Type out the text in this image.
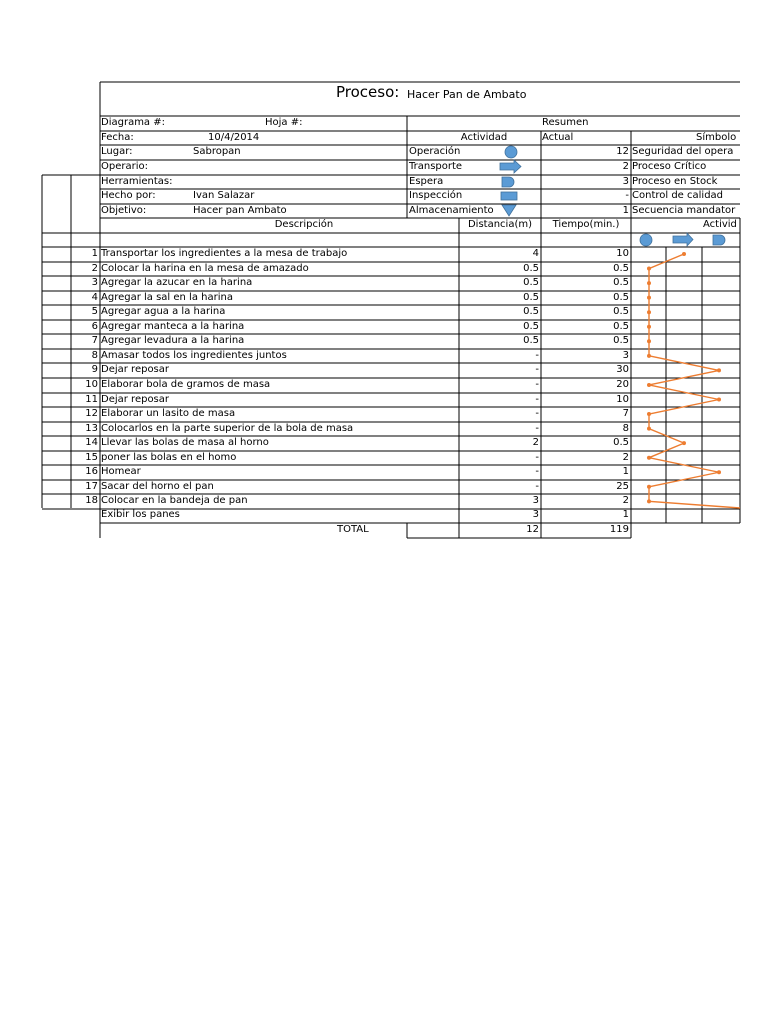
Proceso: Hacer Pan de Ambato
Diagrama #:	Hoja #:
Fecha:	10/4/2014
Lugar:	Sabropan
Operario:
Herramientas:
Hecho por:	Ivan Salazar
Objetivo:	Hacer pan Ambato
Resumen
Actividad	Actual	Símbolo
Operación	12 Seguridad del opera
Transporte	2 Proceso Crítico
Espera	3 Proceso en Stock
Inspección	- Control de calidad
Almacenamiento	1 Secuencia mandator
Descripción	Distancia(m)	Tiempo(min.)	Activid
1 Transportar los ingredientes a la mesa de trabajo	4	10
2 Colocar la harina en la mesa de amazado	0.5	0.5
3 Agregar la azucar en la harina	0.5	0.5
4 Agregar la sal en la harina	0.5	0.5
5 Agregar agua a la harina	0.5	0.5
6 Agregar manteca a la harina	0.5	0.5
7 Agregar levadura a la harina	0.5	0.5
8 Amasar todos los ingredientes juntos	-	3
9 Dejar reposar	-	30
10 Elaborar bola de gramos de masa	-	20
11 Dejar reposar	-	10
12 Elaborar un lasito de masa	-	7
13 Colocarlos en la parte superior de la bola de masa	-	8
14 Llevar las bolas de masa al horno	2	0.5
15 poner las bolas en el homo	-	2
16 Homear	-	1
17 Sacar del horno el pan	-	25
18 Colocar en la bandeja de pan	3	2
Exibir los panes	3	1
TOTAL	12	119
